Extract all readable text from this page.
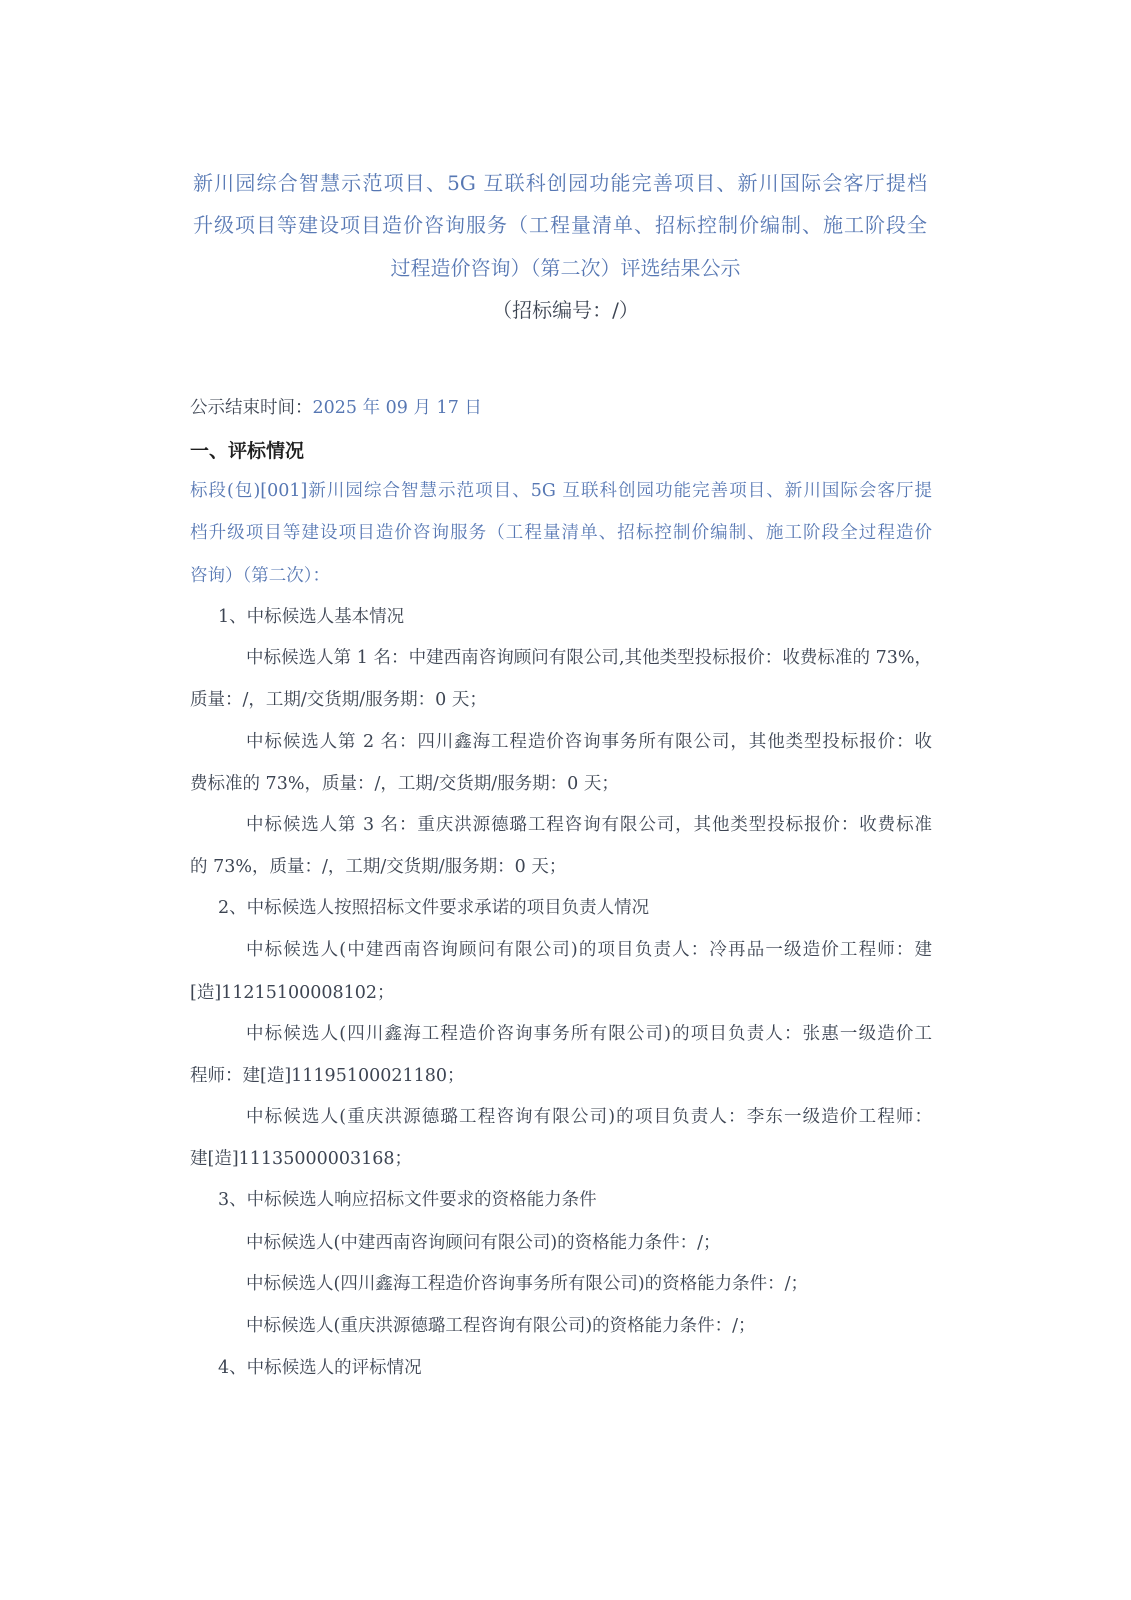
新川园综合智慧示范项目、5G 互联科创园功能完善项目、新川国际会客厅提档
升级项目等建设项目造价咨询服务（工程量清单、招标控制价编制、施工阶段全
过程造价咨询）（第二次）评选结果公示
（招标编号：/）
公示结束时间：2025 年 09 月 17 日
一、评标情况
标段(包)[001]新川园综合智慧示范项目、5G 互联科创园功能完善项目、新川国际会客厅提
档升级项目等建设项目造价咨询服务（工程量清单、招标控制价编制、施工阶段全过程造价
咨询）（第二次）：
1、中标候选人基本情况
中标候选人第 1 名：中建西南咨询顾问有限公司,其他类型投标报价：收费标准的 73%，
质量：/，工期/交货期/服务期：0 天；
中标候选人第 2 名：四川鑫海工程造价咨询事务所有限公司，其他类型投标报价：收
费标准的 73%，质量：/，工期/交货期/服务期：0 天；
中标候选人第 3 名：重庆洪源德璐工程咨询有限公司，其他类型投标报价：收费标准
的 73%，质量：/，工期/交货期/服务期：0 天；
2、中标候选人按照招标文件要求承诺的项目负责人情况
中标候选人(中建西南咨询顾问有限公司)的项目负责人：冷再品一级造价工程师：建
[造]11215100008102；
中标候选人(四川鑫海工程造价咨询事务所有限公司)的项目负责人：张惠一级造价工
程师：建[造]11195100021180；
中标候选人(重庆洪源德璐工程咨询有限公司)的项目负责人：李东一级造价工程师：
建[造]11135000003168；
3、中标候选人响应招标文件要求的资格能力条件
中标候选人(中建西南咨询顾问有限公司)的资格能力条件：/；
中标候选人(四川鑫海工程造价咨询事务所有限公司)的资格能力条件：/；
中标候选人(重庆洪源德璐工程咨询有限公司)的资格能力条件：/；
4、中标候选人的评标情况
